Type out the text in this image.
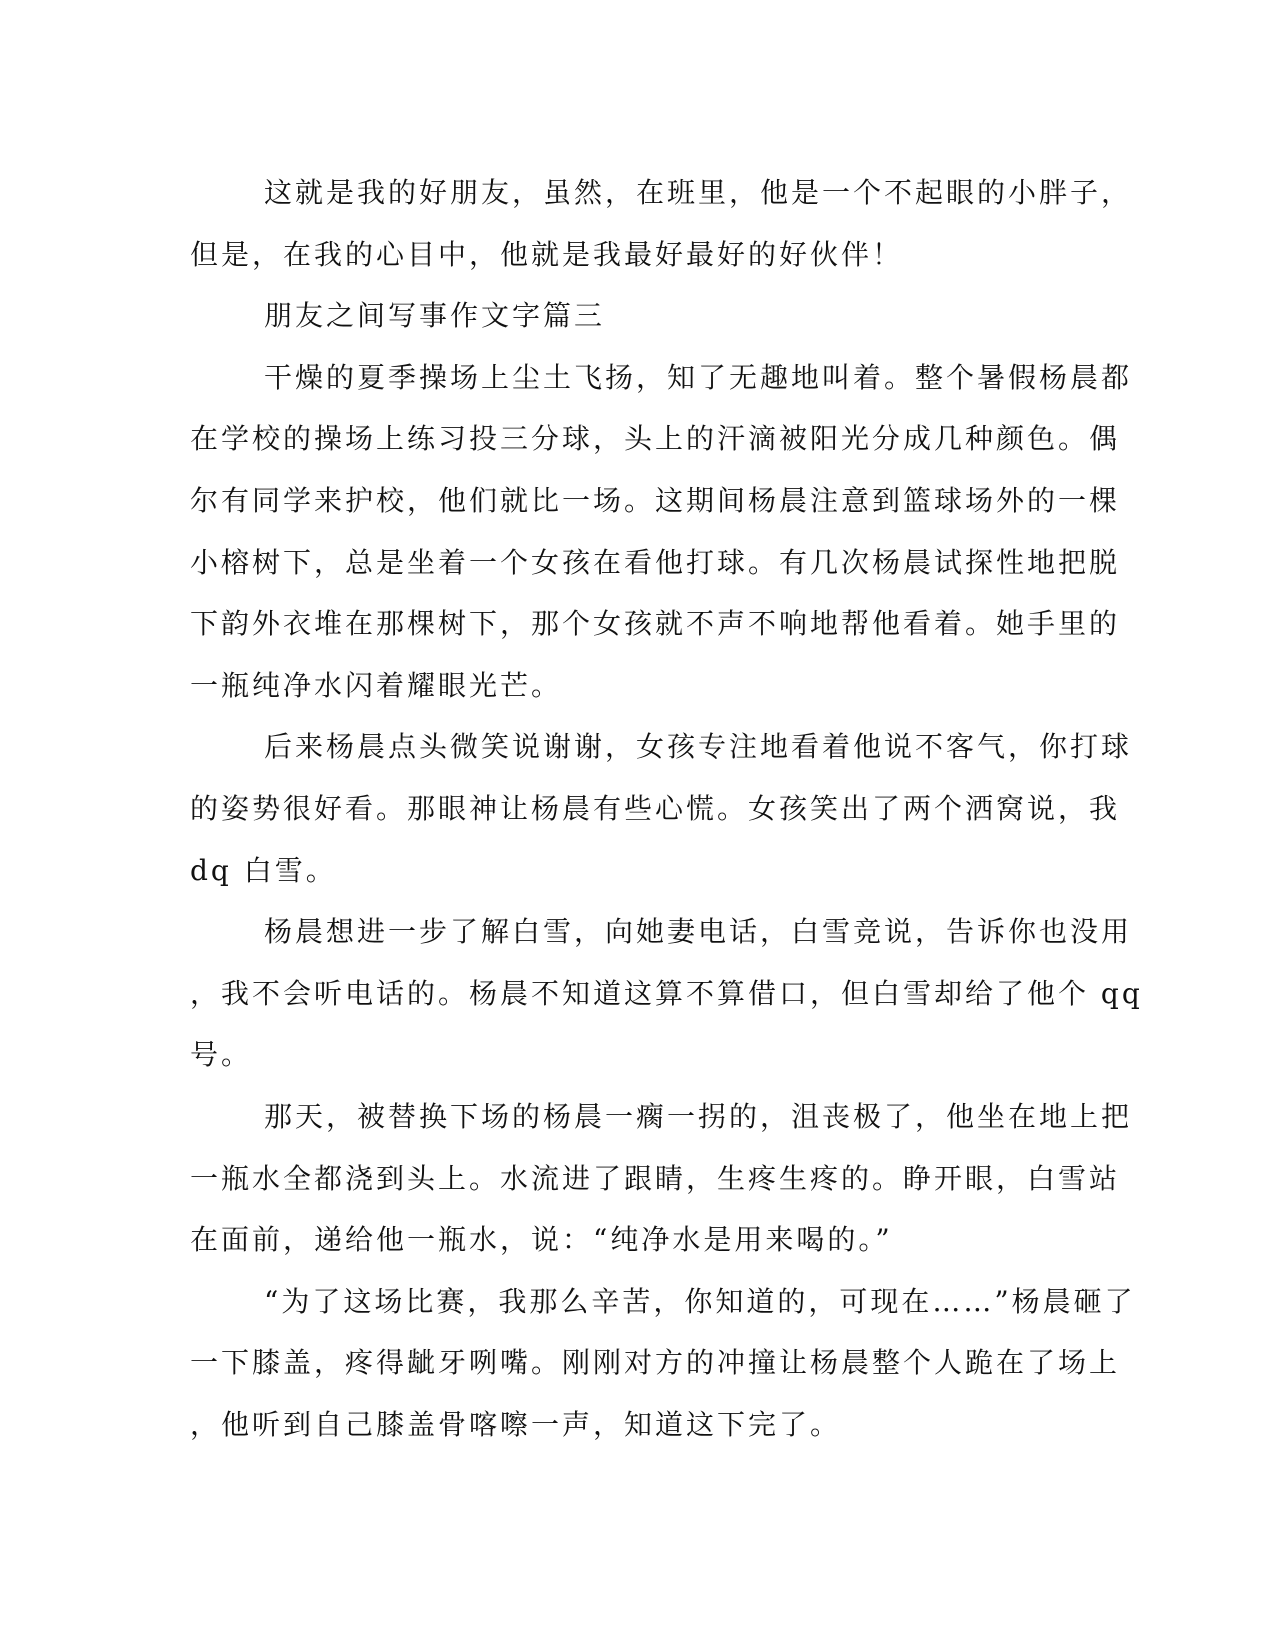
这就是我的好朋友，虽然，在班里，他是一个不起眼的小胖子，
但是，在我的心目中，他就是我最好最好的好伙伴！
朋友之间写事作文字篇三
干燥的夏季操场上尘土飞扬，知了无趣地叫着。整个暑假杨晨都
在学校的操场上练习投三分球，头上的汗滴被阳光分成几种颜色。偶
尔有同学来护校，他们就比一场。这期间杨晨注意到篮球场外的一棵
小榕树下，总是坐着一个女孩在看他打球。有几次杨晨试探性地把脱
下韵外衣堆在那棵树下，那个女孩就不声不响地帮他看着。她手里的
一瓶纯净水闪着耀眼光芒。
后来杨晨点头微笑说谢谢，女孩专注地看着他说不客气，你打球
的姿势很好看。那眼神让杨晨有些心慌。女孩笑出了两个洒窝说，我
dq 白雪。
杨晨想进一步了解白雪，向她妻电话，白雪竞说，告诉你也没用
，我不会听电话的。杨晨不知道这算不算借口，但白雪却给了他个 qq
号。
那天，被替换下场的杨晨一瘸一拐的，沮丧极了，他坐在地上把
一瓶水全都浇到头上。水流进了跟睛，生疼生疼的。睁开眼，白雪站
在面前，递给他一瓶水，说：“纯净水是用来喝的。”
“为了这场比赛，我那么辛苦，你知道的，可现在……”杨晨砸了
一下膝盖，疼得龇牙咧嘴。刚刚对方的冲撞让杨晨整个人跪在了场上
，他听到自己膝盖骨喀嚓一声，知道这下完了。
